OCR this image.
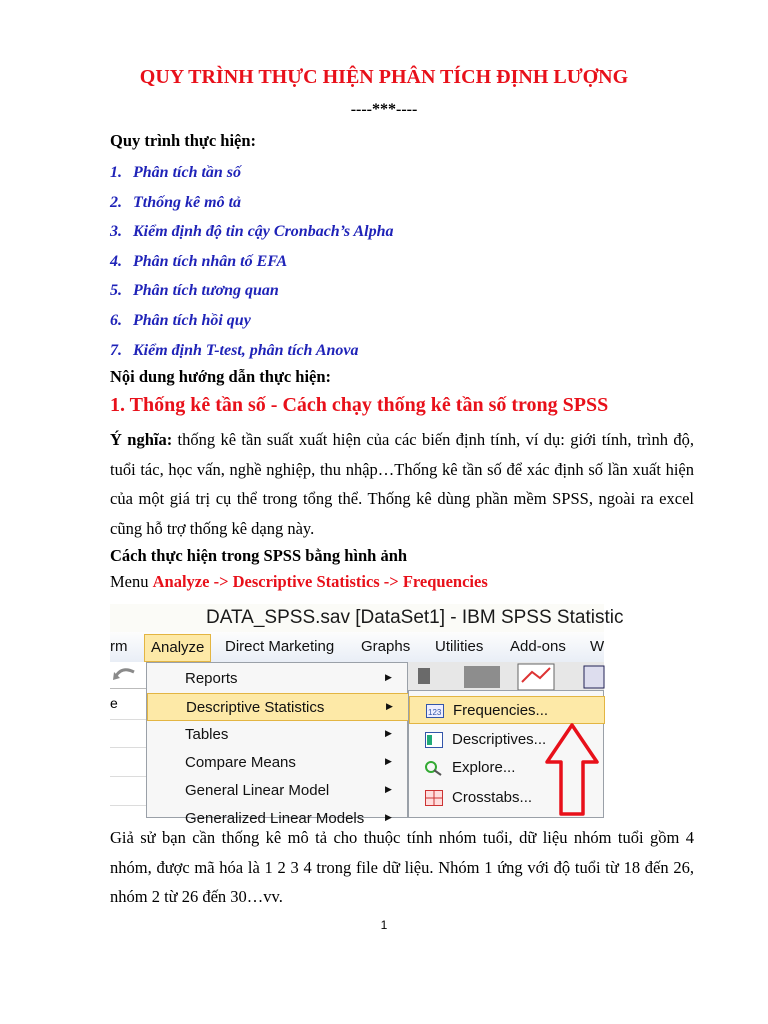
QUY TRÌNH THỰC HIỆN PHÂN TÍCH ĐỊNH LƯỢNG
----***----
Quy trình thực hiện:
1. Phân tích tần số
2. Tthống kê mô tả
3. Kiểm định độ tin cậy Cronbach’s Alpha
4. Phân tích nhân tố EFA
5. Phân tích tương quan
6. Phân tích hồi quy
7. Kiểm định T-test, phân tích Anova
Nội dung hướng dẫn thực hiện:
1. Thống kê tần số - Cách chạy thống kê tần số trong SPSS
Ý nghĩa: thống kê tần suất xuất hiện của các biến định tính, ví dụ: giới tính, trình độ, tuổi tác, học vấn, nghề nghiệp, thu nhập…Thống kê tần số để xác định số lần xuất hiện của một giá trị cụ thể trong tổng thể. Thống kê dùng phần mềm SPSS, ngoài ra excel cũng hỗ trợ thống kê dạng này.
Cách thực hiện trong SPSS bằng hình ảnh
Menu Analyze -> Descriptive Statistics -> Frequencies
DATA_SPSS.sav [DataSet1] - IBM SPSS Statistic
rm	Analyze	Direct Marketing Graphs Utilities Add-ons W
e
Reports	▶
Descriptive Statistics	▶
Tables	▶
Compare Means	▶
General Linear Model	▶
Generalized Linear Models ▶
123 Frequencies...
Descriptives...
Explore...
Crosstabs...
Giả sử bạn cần thống kê mô tả cho thuộc tính nhóm tuổi, dữ liệu nhóm tuổi gồm 4 nhóm, được mã hóa là 1 2 3 4 trong file dữ liệu. Nhóm 1 ứng với độ tuổi từ 18 đến 26, nhóm 2 từ 26 đến 30…vv.
1
